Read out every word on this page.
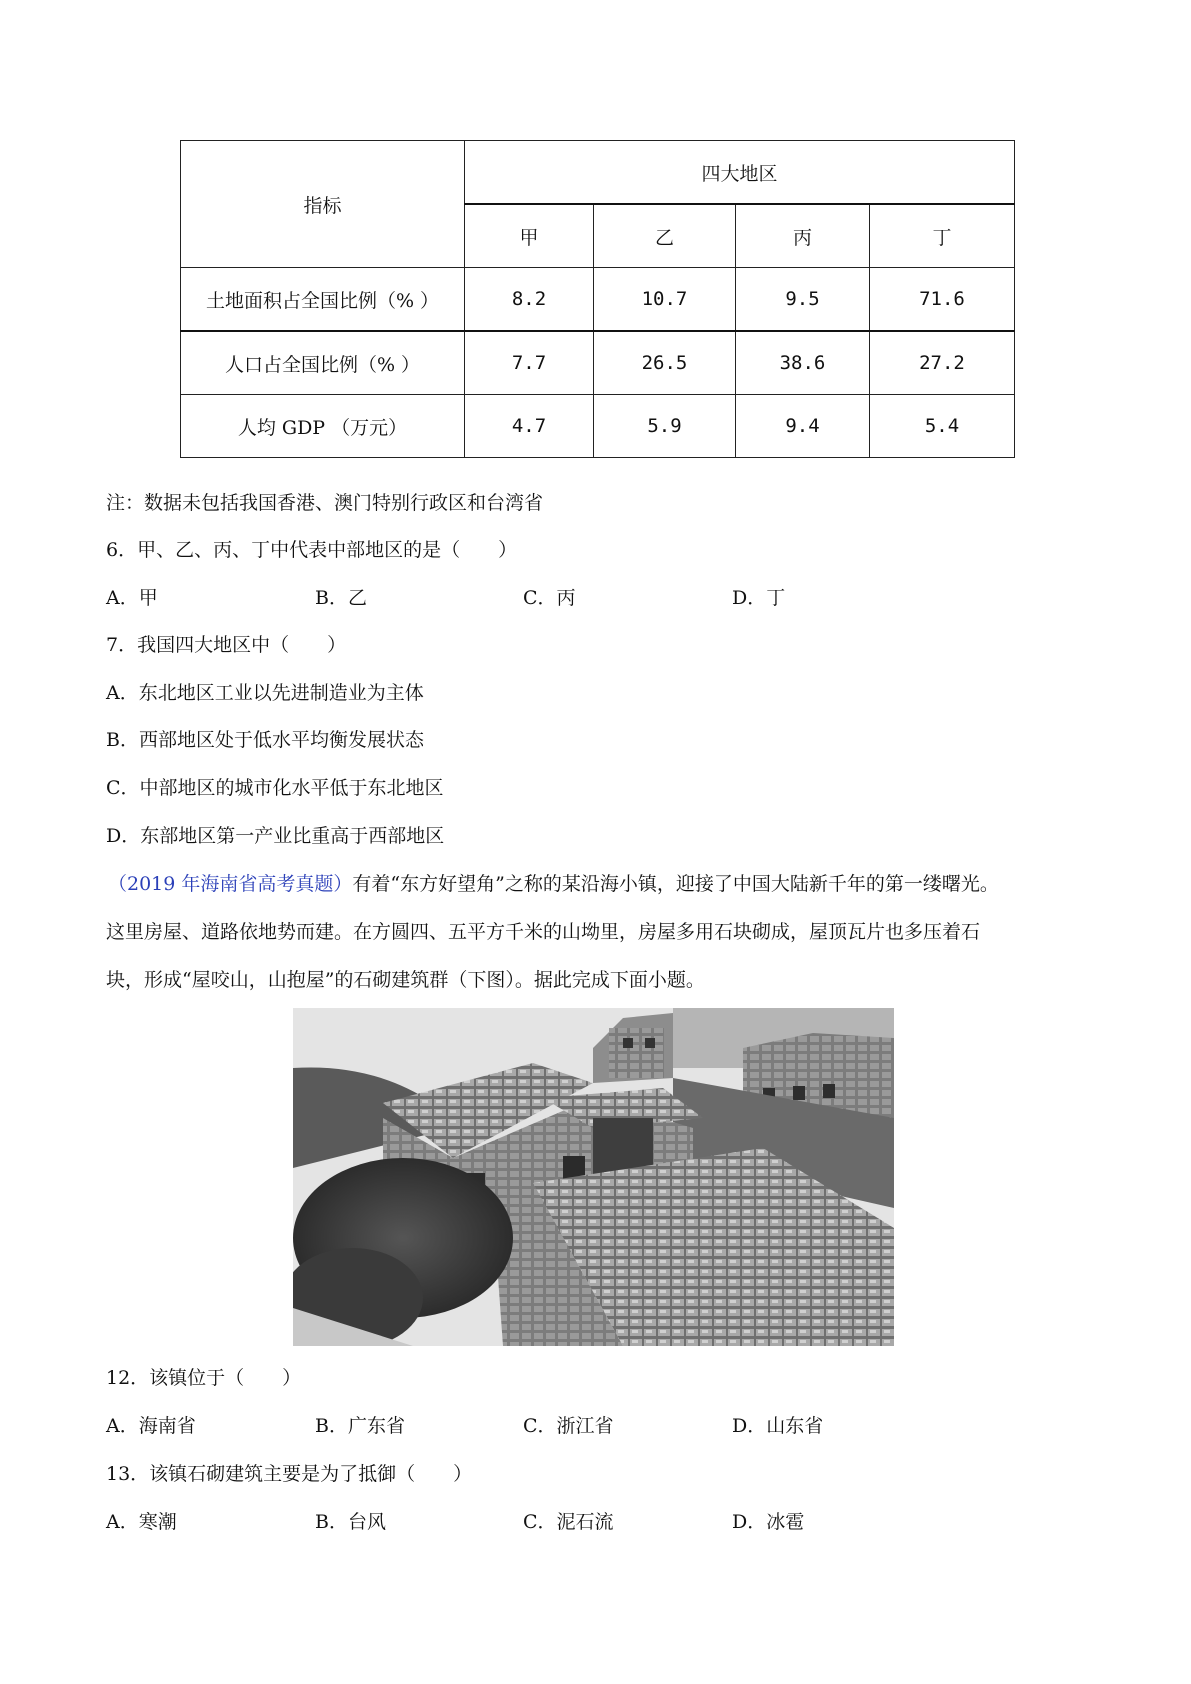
指标	四大地区			
	甲	乙	丙	丁
土地面积占全国比例（% ）	8.2	10.7	9.5	71.6
人口占全国比例（% ）	7.7	26.5	38.6	27.2
人均 GDP （万元）	4.7	5.9	9.4	5.4
注：数据未包括我国香港、澳门特别行政区和台湾省
6．甲、乙、丙、丁中代表中部地区的是（　　）
A．甲	B．乙	C．丙	D．丁
7．我国四大地区中（　　）
A．东北地区工业以先进制造业为主体
B．西部地区处于低水平均衡发展状态
C．中部地区的城市化水平低于东北地区
D．东部地区第一产业比重高于西部地区
（2019 年海南省高考真题）有着“东方好望角”之称的某沿海小镇，迎接了中国大陆新千年的第一缕曙光。
这里房屋、道路依地势而建。在方圆四、五平方千米的山坳里，房屋多用石块砌成，屋顶瓦片也多压着石
块，形成“屋咬山，山抱屋”的石砌建筑群（下图）。据此完成下面小题。
12．该镇位于（　　）
A．海南省	B．广东省	C．浙江省	D．山东省
13．该镇石砌建筑主要是为了抵御（　　）
A．寒潮	B．台风	C．泥石流	D．冰雹
